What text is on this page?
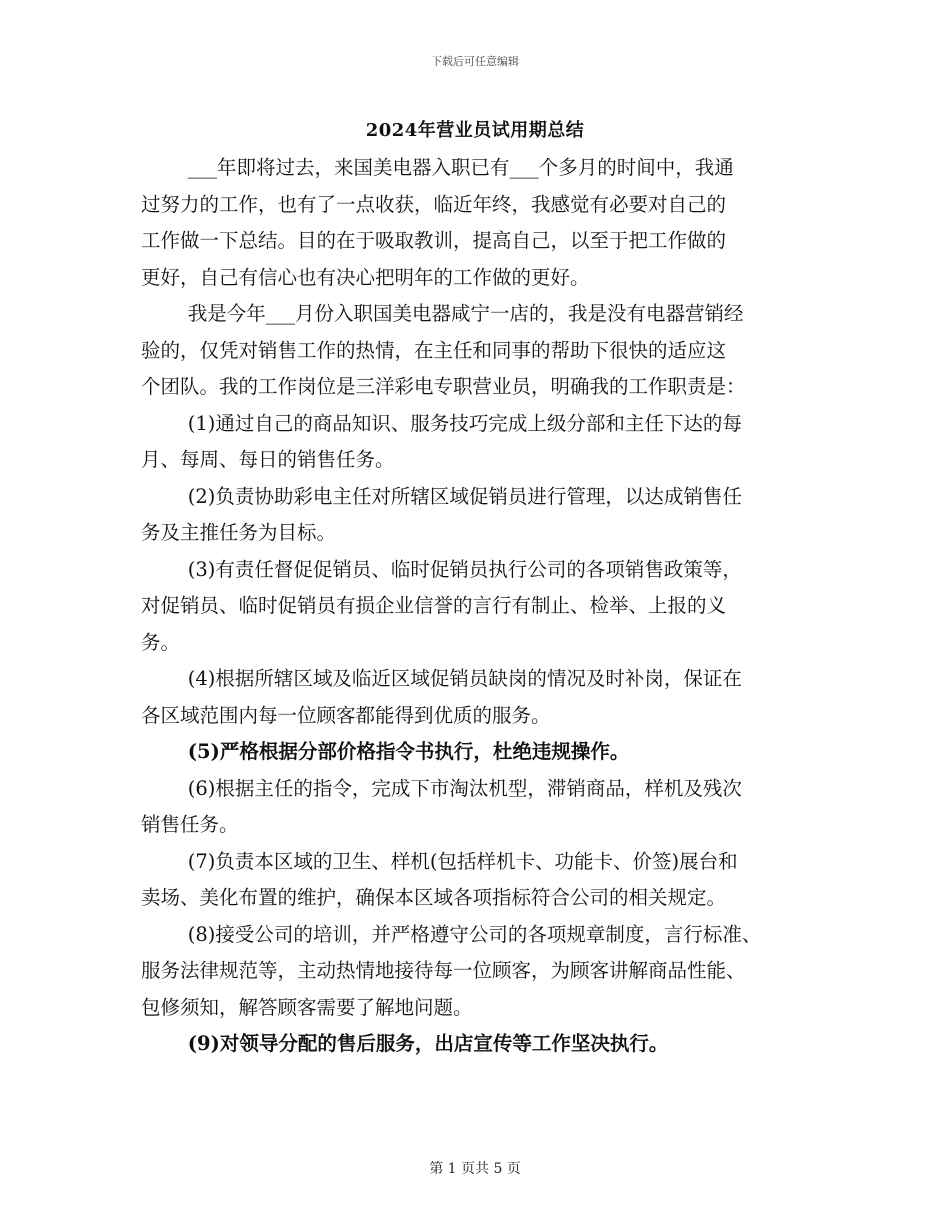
下载后可任意编辑
2024年营业员试用期总结

___年即将过去，来国美电器入职已有___个多月的时间中，我通
过努力的工作，也有了一点收获，临近年终，我感觉有必要对自己的
工作做一下总结。目的在于吸取教训，提高自己，以至于把工作做的
更好，自己有信心也有决心把明年的工作做的更好。

我是今年___月份入职国美电器咸宁一店的，我是没有电器营销经
验的，仅凭对销售工作的热情，在主任和同事的帮助下很快的适应这
个团队。我的工作岗位是三洋彩电专职营业员，明确我的工作职责是：

(1)通过自己的商品知识、服务技巧完成上级分部和主任下达的每
月、每周、每日的销售任务。

(2)负责协助彩电主任对所辖区域促销员进行管理，以达成销售任
务及主推任务为目标。

(3)有责任督促促销员、临时促销员执行公司的各项销售政策等，
对促销员、临时促销员有损企业信誉的言行有制止、检举、上报的义
务。

(4)根据所辖区域及临近区域促销员缺岗的情况及时补岗，保证在
各区域范围内每一位顾客都能得到优质的服务。

(5)严格根据分部价格指令书执行，杜绝违规操作。

(6)根据主任的指令，完成下市淘汰机型，滞销商品，样机及残次
销售任务。

(7)负责本区域的卫生、样机(包括样机卡、功能卡、价签)展台和
卖场、美化布置的维护，确保本区域各项指标符合公司的相关规定。

(8)接受公司的培训，并严格遵守公司的各项规章制度，言行标准、
服务法律规范等，主动热情地接待每一位顾客，为顾客讲解商品性能、
包修须知，解答顾客需要了解地问题。

(9)对领导分配的售后服务，出店宣传等工作坚决执行。

第 1 页共 5 页
